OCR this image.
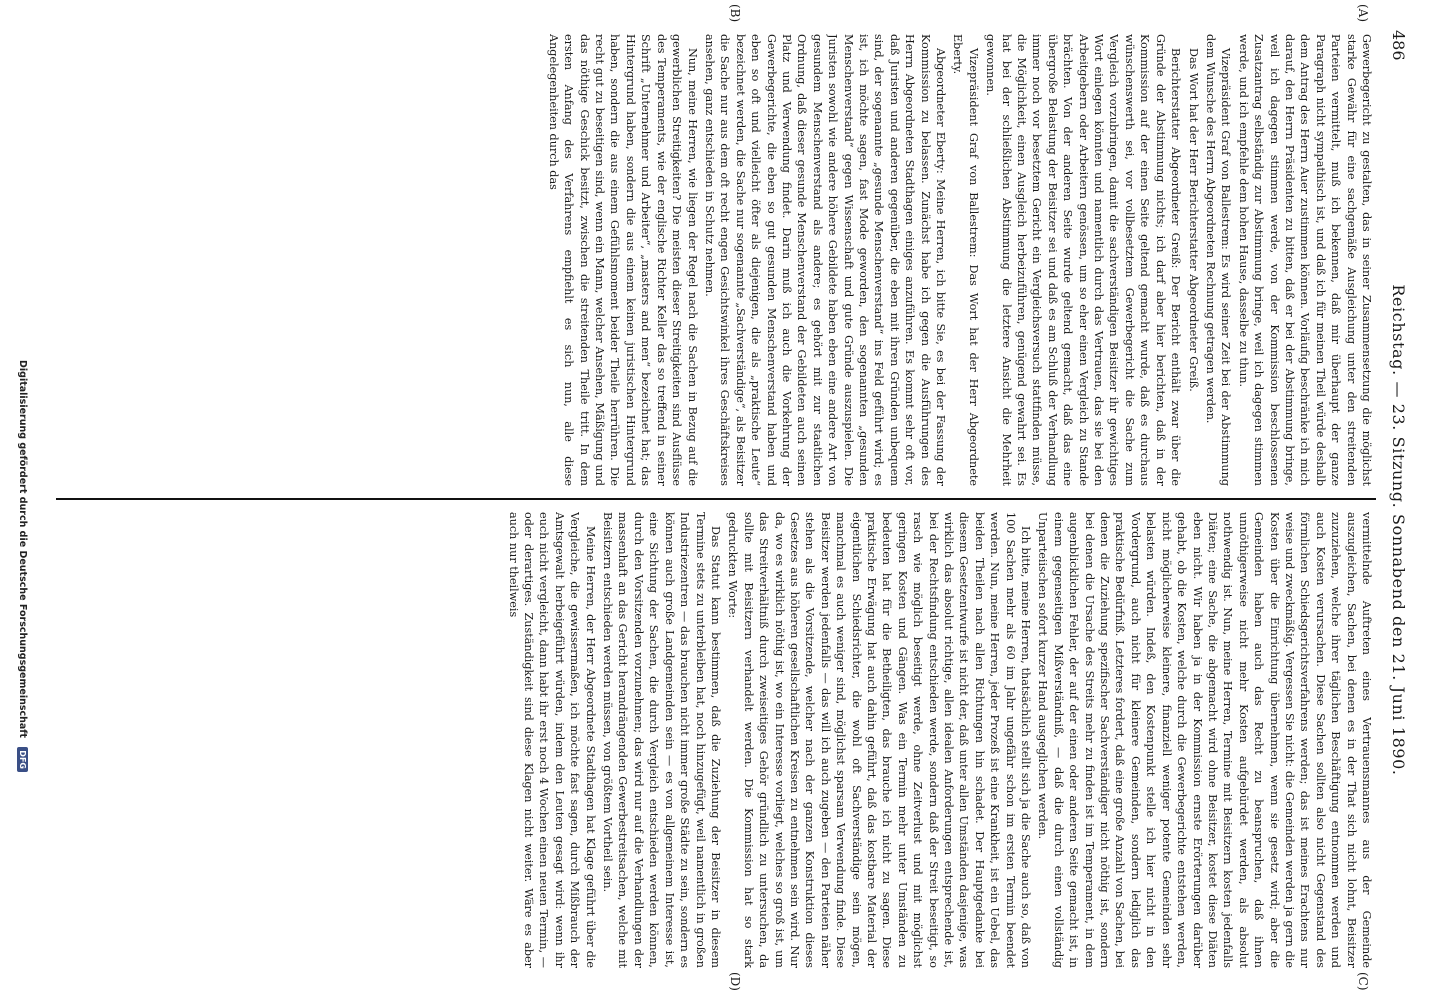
486
Reichstag. — 23. Sitzung. Sonnabend den 21. Juni 1890.
(A)
(B)
(C)
(D)

Gewerbegericht zu gestalten, das in seiner Zusammensetzung die möglichst starke Gewähr für eine sachgemäße Ausgleichung unter den streitenden Parteien vermittelt, muß ich bekennen, daß mir überhaupt der ganze Paragraph nicht sympathisch ist, und daß ich für meinen Theil würde deshalb dem Antrag des Herrn Auer zustimmen können. Vorläufig beschränke ich mich darauf, den Herrn Präsidenten zu bitten, daß er bei der Abstimmung bringe, weil ich dagegen stimmen werde, von der Kommission beschlossenen Zusatzantrag selbständig zur Abstimmung bringe, weil ich dagegen stimmen werde, und ich empfehle dem hohen Hause, dasselbe zu thun.

Vizepräsident Graf von Ballestrem: Es wird seiner Zeit bei der Abstimmung dem Wunsche des Herrn Abgeordneten Rechnung getragen werden.

Das Wort hat der Herr Berichterstatter Abgeordneter Greiß.

Berichterstatter Abgeordneter Greiß: Der Bericht enthält zwar über die Gründe der Abstimmung nichts; ich darf aber hier berichten, daß in der Kommission auf der einen Seite geltend gemacht wurde, daß es durchaus wünschenswerth sei, vor vollbesetztem Gewerbegericht die Sache zum Vergleich vorzubringen, damit die sachverständigen Beisitzer ihr gewichtiges Wort einlegen könnten und namentlich durch das Vertrauen, das sie bei den Arbeitgebern oder Arbeitern genössen, um so eher einen Vergleich zu Stande brächten. Von der anderen Seite wurde geltend gemacht, daß das eine übergroße Belastung der Beisitzer sei und daß es am Schluß der Verhandlung immer noch vor besetztem Gericht ein Vergleichsversuch stattfinden müsse, die Möglichkeit, einen Ausgleich herbeizuführen, genügend gewahrt sei. Es hat bei der schließlichen Abstimmung die letztere Ansicht die Mehrheit gewonnen.

Vizepräsident Graf von Ballestrem: Das Wort hat der Herr Abgeordnete Eberty.

Abgeordneter Eberty: Meine Herren, ich bitte Sie, es bei der Fassung der Kommission zu belassen. Zunächst habe ich gegen die Ausführungen des Herrn Abgeordneten Stadthagen einiges anzuführen. Es kommt sehr oft vor, daß Juristen und anderen gegenüber, die eben mit ihren Gründen unbequem sind, der sogenannte „gesunde Menschenverstand“ ins Feld geführt wird; es ist, ich möchte sagen, fast Mode geworden, den sogenannten „gesunden Menschenverstand“ gegen Wissenschaft und gute Gründe auszuspielen. Die Juristen sowohl wie andere höhere Gebildete haben eben eine andere Art von gesundem Menschenverstand als andere; es gehört mit zur staatlichen Ordnung, daß dieser gesunde Menschenverstand der Gebildeten auch seinen Platz und Verwendung findet. Darin muß ich auch die Vorkehrung der Gewerbegerichte, die eben so gut gesunden Menschenverstand haben und eben so oft und vielleicht öfter als diejenigen, die als „praktische Leute“ bezeichnet werden, die Sache nur sogenannte „Sachverständige“, als Beisitzer die Sache nur aus dem oft recht engen Gesichtswinkel ihres Geschäftskreises ansehen, ganz entschieden in Schutz nehmen.

Nun, meine Herren, wie liegen der Regel nach die Sachen in Bezug auf die gewerblichen Streitigkeiten? Die meisten dieser Streitigkeiten sind Ausflüsse des Temperaments, wie der englische Richter Keller das so treffend in seiner Schrift „Unternehmer und Arbeiter“, „masters and men“ bezeichnet hat; das Hintergrund haben, sondern die aus einem keinen juristischen Hintergrund haben, sondern die aus einem Gefühlsmoment beider Theile herrühren. Die recht gut zu beseitigen sind, wenn ein Mann, welcher Ansehen, Mäßigung und das nöthige Geschick besitzt, zwischen die streitenden Theile tritt. In dem ersten Anfang des Verfahrens empfiehlt es sich nun, alle diese Angelegenheiten durch das

vermittelnde Auftreten eines Vertrauensmannes aus der Gemeinde auszugleichen, Sachen, bei denen es in der That sich nicht lohnt, Beisitzer zuzuziehen, welche ihrer täglichen Beschäftigung entnommen werden und auch Kosten verursachen. Diese Sachen sollten also nicht Gegenstand des förmlichen Schiedsgerichtsverfahrens werden; das ist meines Erachtens nur weise und zweckmäßig. Vergessen Sie nicht: die Gemeinden werden ja gern die Kosten über die Einrichtung übernehmen, wenn sie gesetz wird; aber die Gemeinden haben auch das Recht zu beanspruchen, daß ihnen unnöthigerweise nicht mehr Kosten aufgebürdet werden, als absolut nothwendig ist. Nun, meine Herren, Termine mit Beisitzern kosten jedenfalls Diäten; eine Sache, die abgemacht wird ohne Beisitzer, kostet diese Diäten eben nicht. Wir haben ja in der Kommission ernste Erörterungen darüber gehabt, ob die Kosten, welche durch die Gewerbegerichte entstehen werden, nicht möglicherweise kleinere, finanziell weniger potente Gemeinden sehr belasten würden. Indeß, den Kostenpunkt stelle ich hier nicht in den Vordergrund, auch nicht für kleinere Gemeinden, sondern lediglich das praktische Bedürfniß. Letzteres fordert, daß eine große Anzahl von Sachen, bei denen die Zuziehung spezifischer Sachverständiger nicht nöthig ist, sondern bei denen die Ursache des Streits mehr zu finden ist im Temperament, in dem augenblicklichen Fehler, der auf der einen oder anderen Seite gemacht ist, in einem gegenseitigen Mißverständniß, — daß die durch einen vollständig Unparteiischen sofort kurzer Hand ausgeglichen werden.

Ich bitte, meine Herren, thatsächlich stellt sich ja die Sache auch so, daß von 100 Sachen mehr als 60 im Jahr ungefähr schon im ersten Termin beendet werden. Nun, meine Herren, jeder Prozeß ist eine Krankheit, ist ein Uebel, das beiden Theilen nach allen Richtungen hin schadet. Der Hauptgedanke bei diesem Gesetzentwurfe ist nicht der, daß unter allen Umständen dasjenige, was wirklich das absolut richtige, allen idealen Anforderungen entsprechende ist, bei der Rechtsfindung entschieden werde, sondern daß der Streit beseitigt, so rasch wie möglich beseitigt werde, ohne Zeitverlust und mit möglichst geringen Kosten und Gängen. Was ein Termin mehr unter Umständen zu bedeuten hat für die Betheiligten, das brauche ich nicht zu sagen. Diese praktische Erwägung hat auch dahin geführt, daß das kostbare Material der eigentlichen Schiedsrichter, die wohl oft Sachverständige sein mögen, manchmal es auch weniger sind, möglichst sparsam Verwendung finde. Diese Beisitzer werden jedenfalls — das will ich auch zugeben — den Parteien näher stehen als die Vorsitzende, welcher nach der ganzen Konstruktion dieses Gesetzes aus höheren gesellschaftlichen Kreisen zu entnehmen sein wird. Nur da, wo es wirklich nöthig ist, wo ein Interesse vorliegt, welches so groß ist, um das Streitverhältniß durch zweiseitiges Gehör gründlich zu untersuchen, da sollte mit Beisitzern verhandelt werden. Die Kommission hat so stark gedruckten Worte:

Das Statut kann bestimmen, daß die Zuziehung der Beisitzer in diesem Termine stets zu unterbleiben hat, noch hinzugefügt, weil namentlich in großen Industriezentren — das brauchen nicht immer große Städte zu sein, sondern es können auch große Landgemeinden sein — es von allgemeinem Interesse ist, eine Sichtung der Sachen, die durch Vergleich entschieden werden können, durch den Vorsitzenden vorzunehmen; das wird nur auf die Verhandlungen der massenhaft an das Gericht herandrängenden Gewerbestreitsachen, welche mit Beisitzern entschieden werden müssen, von größtem Vortheil sein.

Meine Herren, der Herr Abgeordnete Stadthagen hat Klage geführt über die Vergleiche, die gewissermaßen, ich möchte fast sagen, durch Mißbrauch der Amtsgewalt herbeigeführt würden, indem den Leuten gesagt wird: wenn ihr euch nicht vergleicht, dann habt ihr erst noch 4 Wochen einen neuen Termin, — oder derartiges. Zuständigkeit sind diese Klagen nicht weiter. Wäre es aber auch nur theilweis

Digitalisierung gefördert durch die Deutsche Forschungsgemeinschaft DFG
